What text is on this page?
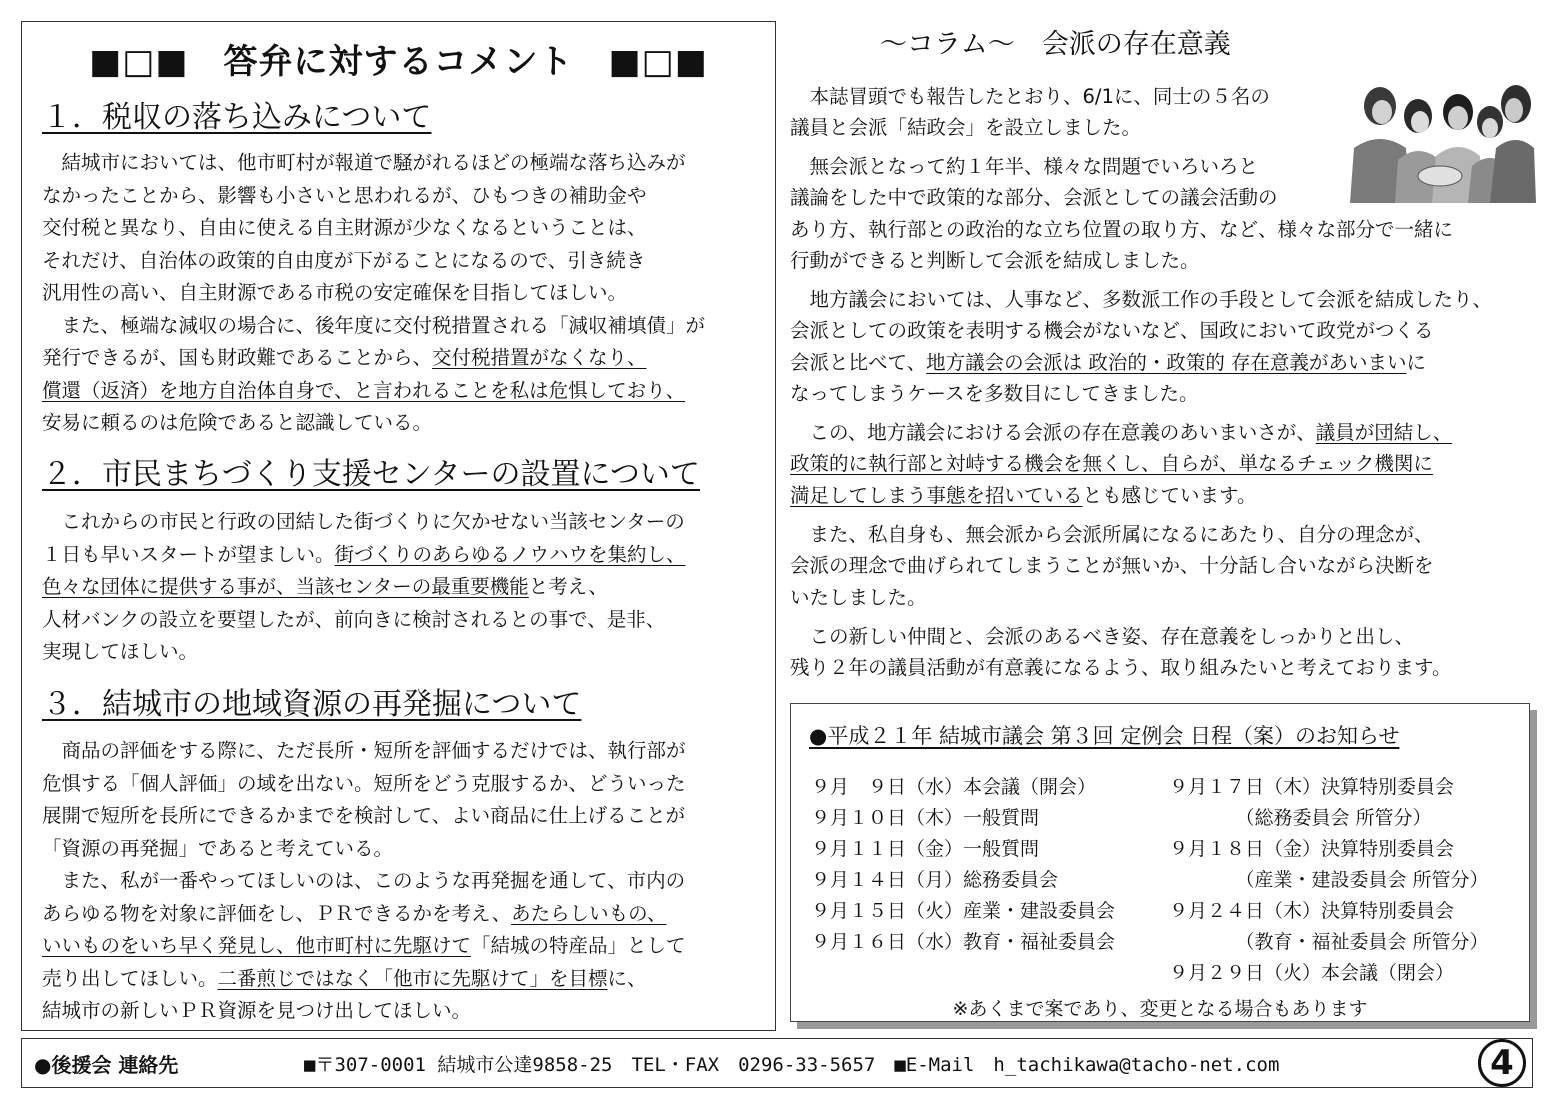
■□■　答弁に対するコメント　■□■
１．税収の落ち込みについて
　結城市においては、他市町村が報道で騒がれるほどの極端な落ち込みが
なかったことから、影響も小さいと思われるが、ひもつきの補助金や
交付税と異なり、自由に使える自主財源が少なくなるということは、
それだけ、自治体の政策的自由度が下がることになるので、引き続き
汎用性の高い、自主財源である市税の安定確保を目指してほしい。
　また、極端な減収の場合に、後年度に交付税措置される「減収補填債」が
発行できるが、国も財政難であることから、交付税措置がなくなり、
償還（返済）を地方自治体自身で、と言われることを私は危惧しており、
安易に頼るのは危険であると認識している。
２．市民まちづくり支援センターの設置について
　これからの市民と行政の団結した街づくりに欠かせない当該センターの
１日も早いスタートが望ましい。街づくりのあらゆるノウハウを集約し、
色々な団体に提供する事が、当該センターの最重要機能と考え、
人材バンクの設立を要望したが、前向きに検討されるとの事で、是非、
実現してほしい。
３．結城市の地域資源の再発掘について
　商品の評価をする際に、ただ長所・短所を評価するだけでは、執行部が
危惧する「個人評価」の域を出ない。短所をどう克服するか、どういった
展開で短所を長所にできるかまでを検討して、よい商品に仕上げることが
「資源の再発掘」であると考えている。
　また、私が一番やってほしいのは、このような再発掘を通して、市内の
あらゆる物を対象に評価をし、ＰＲできるかを考え、あたらしいもの、
いいものをいち早く発見し、他市町村に先駆けて「結城の特産品」として
売り出してほしい。二番煎じではなく「他市に先駆けて」を目標に、
結城市の新しいＰＲ資源を見つけ出してほしい。
～コラム～　会派の存在意義
　本誌冒頭でも報告したとおり、6/1に、同士の５名の
議員と会派「結政会」を設立しました。
　無会派となって約１年半、様々な問題でいろいろと
議論をした中で政策的な部分、会派としての議会活動の
あり方、執行部との政治的な立ち位置の取り方、など、様々な部分で一緒に
行動ができると判断して会派を結成しました。
　地方議会においては、人事など、多数派工作の手段として会派を結成したり、
会派としての政策を表明する機会がないなど、国政において政党がつくる
会派と比べて、地方議会の会派は 政治的・政策的 存在意義があいまいに
なってしまうケースを多数目にしてきました。
　この、地方議会における会派の存在意義のあいまいさが、議員が団結し、
政策的に執行部と対峙する機会を無くし、自らが、単なるチェック機関に
満足してしまう事態を招いているとも感じています。
　また、私自身も、無会派から会派所属になるにあたり、自分の理念が、
会派の理念で曲げられてしまうことが無いか、十分話し合いながら決断を
いたしました。
　この新しい仲間と、会派のあるべき姿、存在意義をしっかりと出し、
残り２年の議員活動が有意義になるよう、取り組みたいと考えております。
●平成２１年 結城市議会 第３回 定例会 日程（案）のお知らせ
９月　９日（水）本会議（開会）
９月１０日（木）一般質問
９月１１日（金）一般質問
９月１４日（月）総務委員会
９月１５日（火）産業・建設委員会
９月１６日（水）教育・福祉委員会
９月１７日（木）決算特別委員会
　　　　（総務委員会 所管分）
９月１８日（金）決算特別委員会
　　　　（産業・建設委員会 所管分）
９月２４日（木）決算特別委員会
　　　　（教育・福祉委員会 所管分）
９月２９日（火）本会議（閉会）
※あくまで案であり、変更となる場合もあります
●後援会 連絡先	■〒307-0001 結城市公達9858-25　TEL・FAX　0296-33-5657　■E-Mail　h_tachikawa@tacho-net.com	4
